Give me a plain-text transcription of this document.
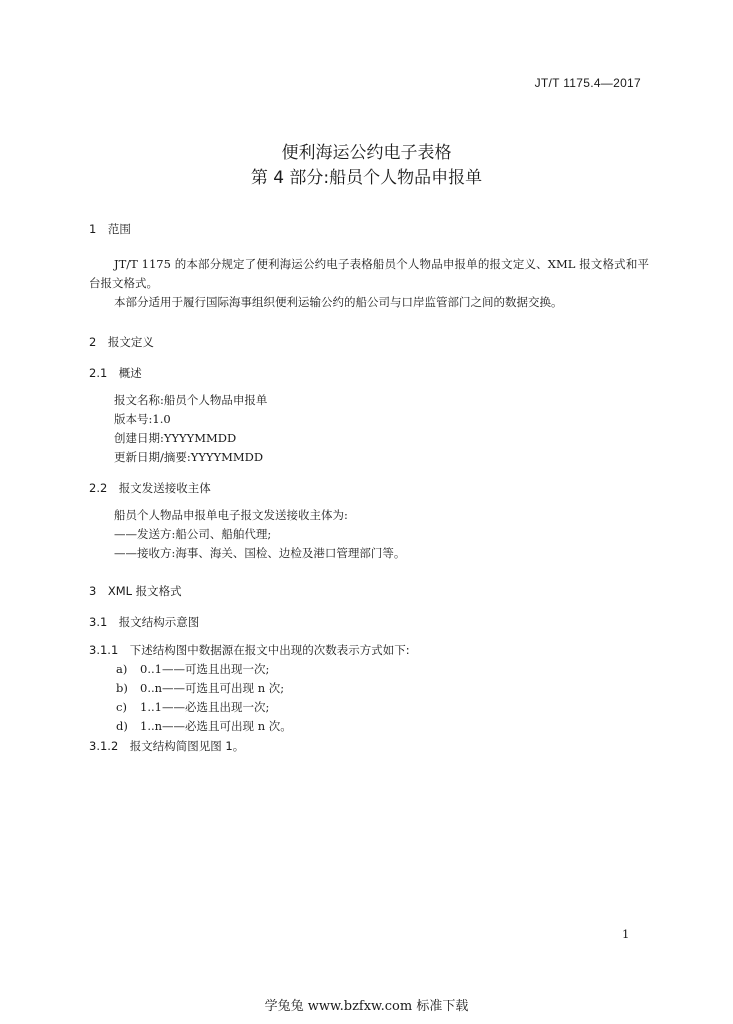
JT/T 1175.4—2017
便利海运公约电子表格
第 4 部分:船员个人物品申报单
1　范围
JT/T 1175 的本部分规定了便利海运公约电子表格船员个人物品申报单的报文定义、XML 报文格式和平台报文格式。
本部分适用于履行国际海事组织便利运输公约的船公司与口岸监管部门之间的数据交换。
2　报文定义
2.1　概述
报文名称:船员个人物品申报单
版本号:1.0
创建日期:YYYYMMDD
更新日期/摘要:YYYYMMDD
2.2　报文发送接收主体
船员个人物品申报单电子报文发送接收主体为:
——发送方:船公司、船舶代理;
——接收方:海事、海关、国检、边检及港口管理部门等。
3　XML 报文格式
3.1　报文结构示意图
3.1.1　下述结构图中数据源在报文中出现的次数表示方式如下:
a) 0..1——可选且出现一次;
b) 0..n——可选且可出现 n 次;
c) 1..1——必选且出现一次;
d) 1..n——必选且可出现 n 次。
3.1.2　报文结构简图见图 1。
1
学兔兔 www.bzfxw.com 标准下载
